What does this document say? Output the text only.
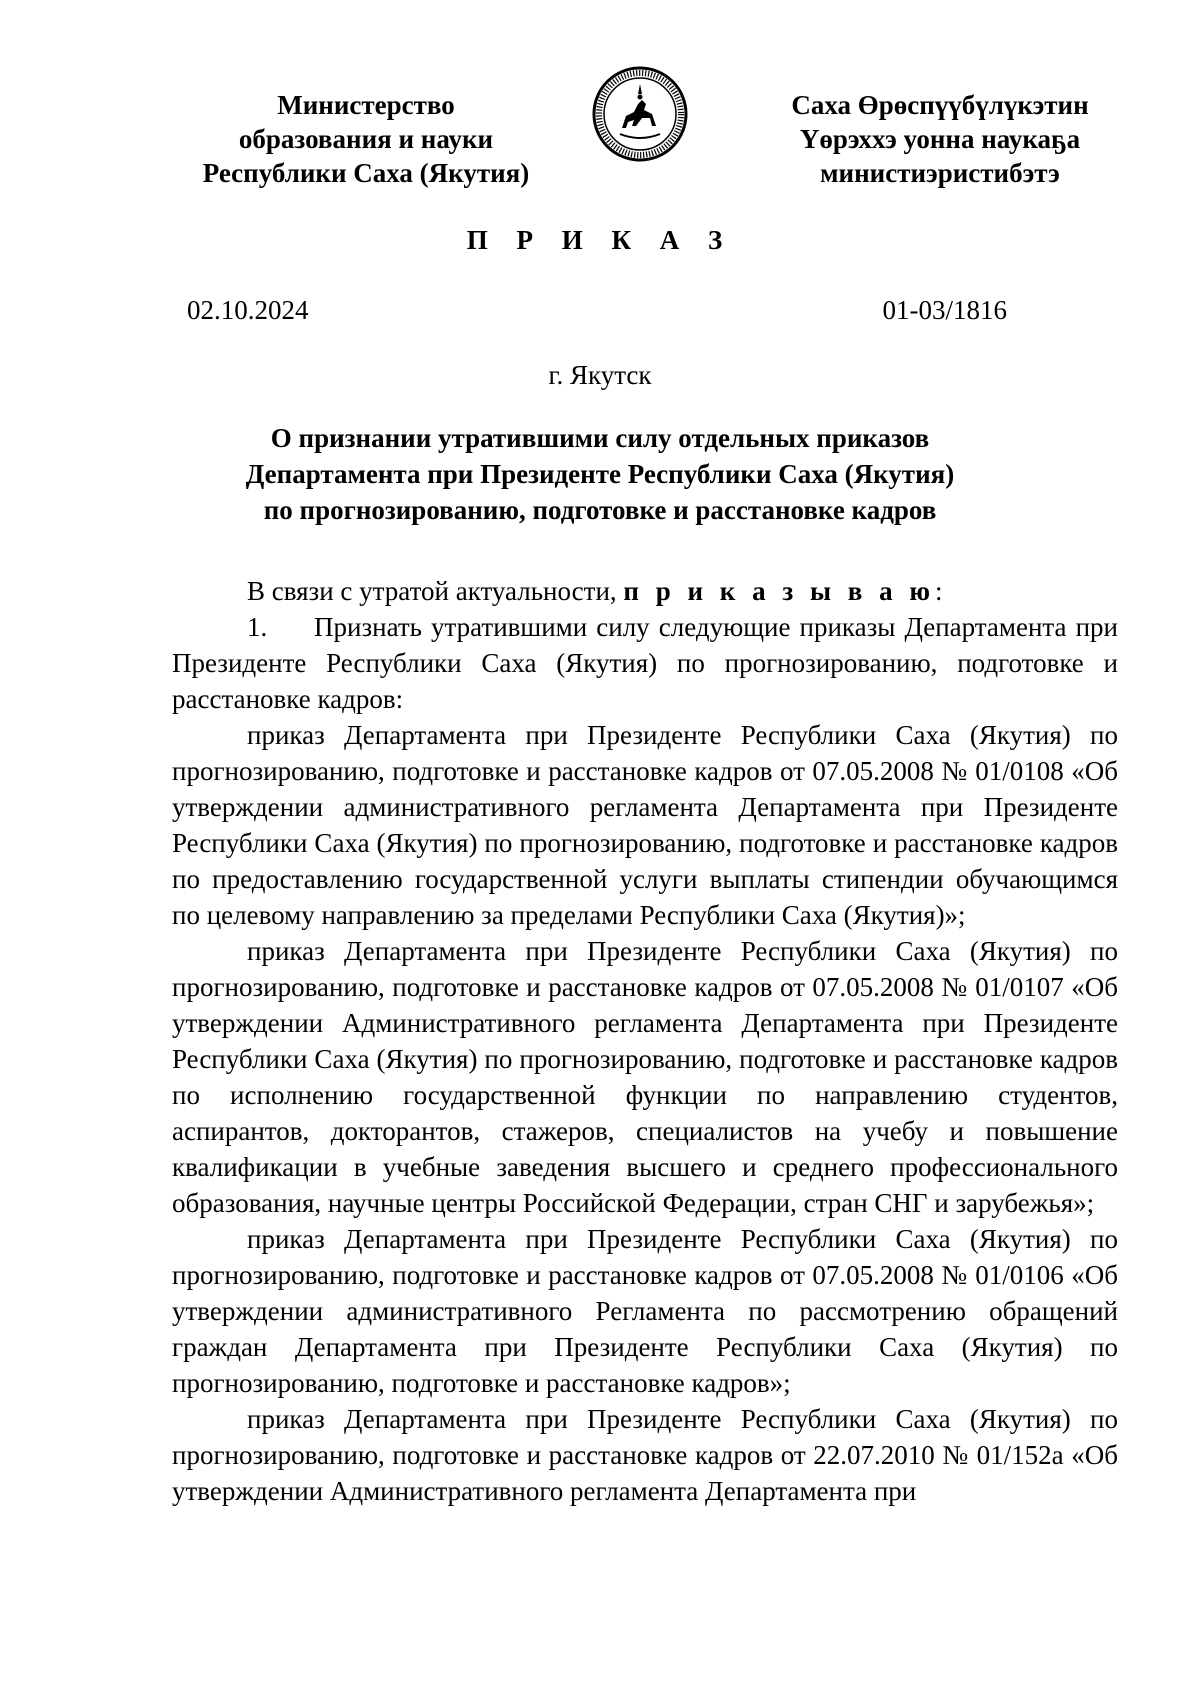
Министерство
образования и науки
Республики Саха (Якутия)
Саха Өрөспүүбүлүкэтин
Үөрэххэ уонна наукаҕа
министиэристибэтэ
П Р И К А З
02.10.2024	01-03/1816
г. Якутск
О признании утратившими силу отдельных приказов
Департамента при Президенте Республики Саха (Якутия)
по прогнозированию, подготовке и расстановке кадров

В связи с утратой актуальности, п р и к а з ы в а ю:

1. Признать утратившими силу следующие приказы Департамента при Президенте Республики Саха (Якутия) по прогнозированию, подготовке и расстановке кадров:

приказ Департамента при Президенте Республики Саха (Якутия) по прогнозированию, подготовке и расстановке кадров от 07.05.2008 № 01/0108 «Об утверждении административного регламента Департамента при Президенте Республики Саха (Якутия) по прогнозированию, подготовке и расстановке кадров по предоставлению государственной услуги выплаты стипендии обучающимся по целевому направлению за пределами Республики Саха (Якутия)»;

приказ Департамента при Президенте Республики Саха (Якутия) по прогнозированию, подготовке и расстановке кадров от 07.05.2008 № 01/0107 «Об утверждении Административного регламента Департамента при Президенте Республики Саха (Якутия) по прогнозированию, подготовке и расстановке кадров по исполнению государственной функции по направлению студентов, аспирантов, докторантов, стажеров, специалистов на учебу и повышение квалификации в учебные заведения высшего и среднего профессионального образования, научные центры Российской Федерации, стран СНГ и зарубежья»;

приказ Департамента при Президенте Республики Саха (Якутия) по прогнозированию, подготовке и расстановке кадров от 07.05.2008 № 01/0106 «Об утверждении административного Регламента по рассмотрению обращений граждан Департамента при Президенте Республики Саха (Якутия) по прогнозированию, подготовке и расстановке кадров»;

приказ Департамента при Президенте Республики Саха (Якутия) по прогнозированию, подготовке и расстановке кадров от 22.07.2010 № 01/152а «Об утверждении Административного регламента Департамента при
